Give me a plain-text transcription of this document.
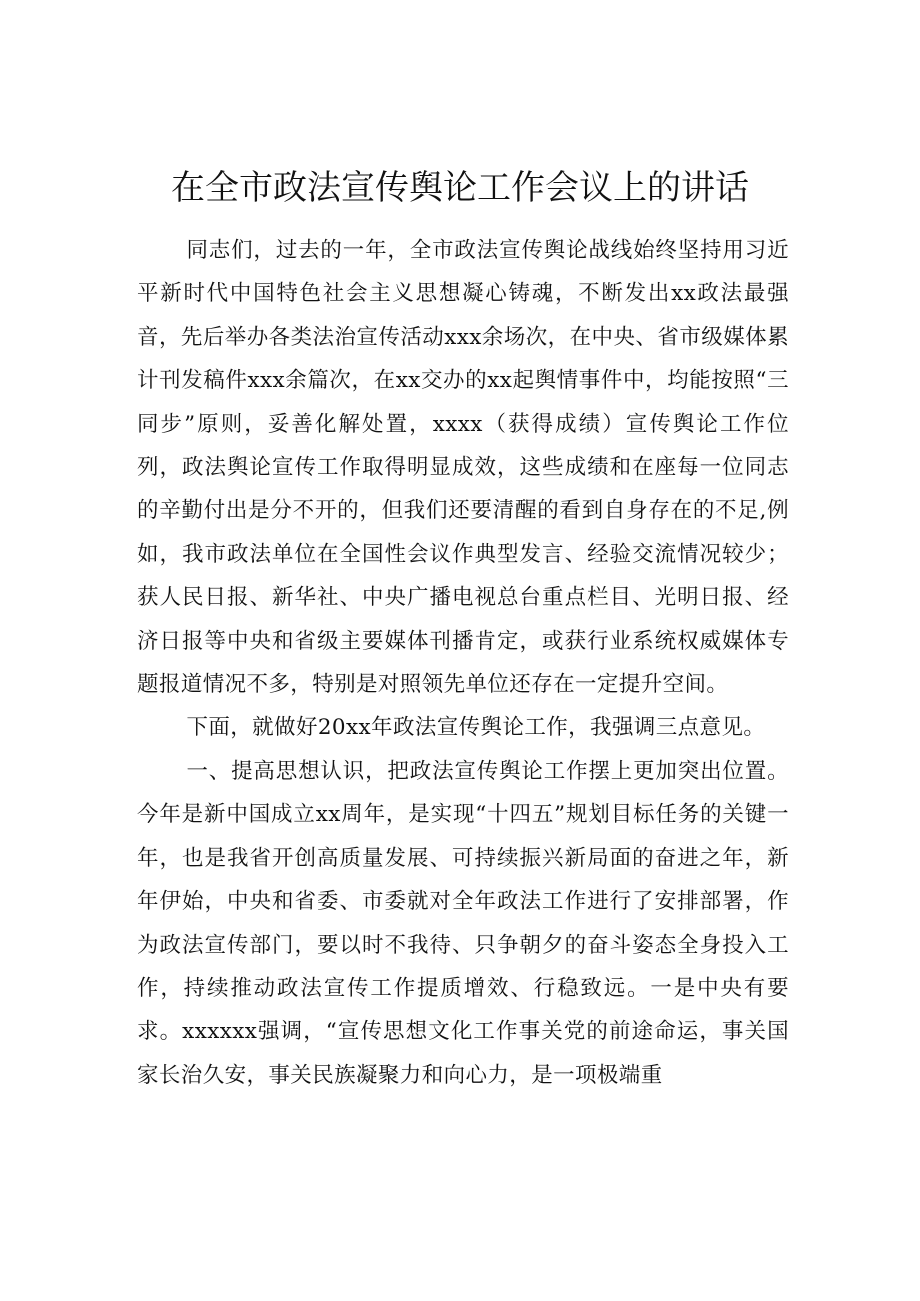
在全市政法宣传舆论工作会议上的讲话

同志们，过去的一年，全市政法宣传舆论战线始终坚持用习近平新时代中国特色社会主义思想凝心铸魂，不断发出xx政法最强音，先后举办各类法治宣传活动xxx余场次，在中央、省市级媒体累计刊发稿件xxx余篇次，在xx交办的xx起舆情事件中，均能按照“三同步”原则，妥善化解处置，xxxx（获得成绩）宣传舆论工作位列，政法舆论宣传工作取得明显成效，这些成绩和在座每一位同志的辛勤付出是分不开的，但我们还要清醒的看到自身存在的不足,例如，我市政法单位在全国性会议作典型发言、经验交流情况较少；获人民日报、新华社、中央广播电视总台重点栏目、光明日报、经济日报等中央和省级主要媒体刊播肯定，或获行业系统权威媒体专题报道情况不多，特别是对照领先单位还存在一定提升空间。

下面，就做好20xx年政法宣传舆论工作，我强调三点意见。

一、提高思想认识，把政法宣传舆论工作摆上更加突出位置。今年是新中国成立xx周年，是实现“十四五”规划目标任务的关键一年，也是我省开创高质量发展、可持续振兴新局面的奋进之年，新年伊始，中央和省委、市委就对全年政法工作进行了安排部署，作为政法宣传部门，要以时不我待、只争朝夕的奋斗姿态全身投入工作，持续推动政法宣传工作提质增效、行稳致远。一是中央有要求。xxxxxx强调，“宣传思想文化工作事关党的前途命运，事关国家长治久安，事关民族凝聚力和向心力，是一项极端重
